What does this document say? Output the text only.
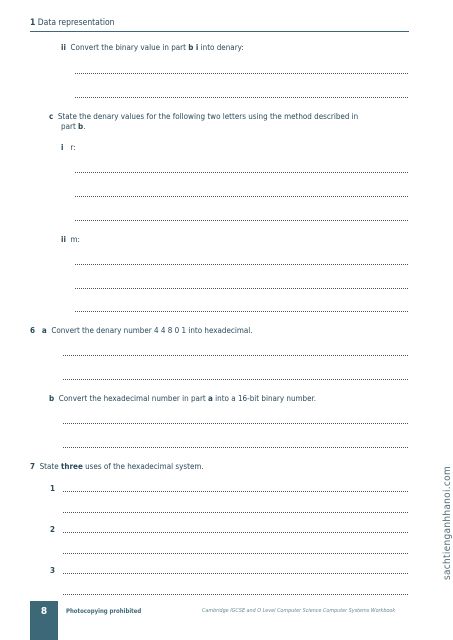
1 Data representation
ii Convert the binary value in part b i into denary:
c State the denary values for the following two letters using the method described in
part b.
i r:
ii m:
6 a Convert the denary number 4 4 8 0 1 into hexadecimal.
b Convert the hexadecimal number in part a into a 16-bit binary number.
7 State three uses of the hexadecimal system.
1
2
3
8	Photocopying prohibited	Cambridge IGCSE and O Level Computer Science Computer Systems Workbook
sachtienganhhanoi.com
